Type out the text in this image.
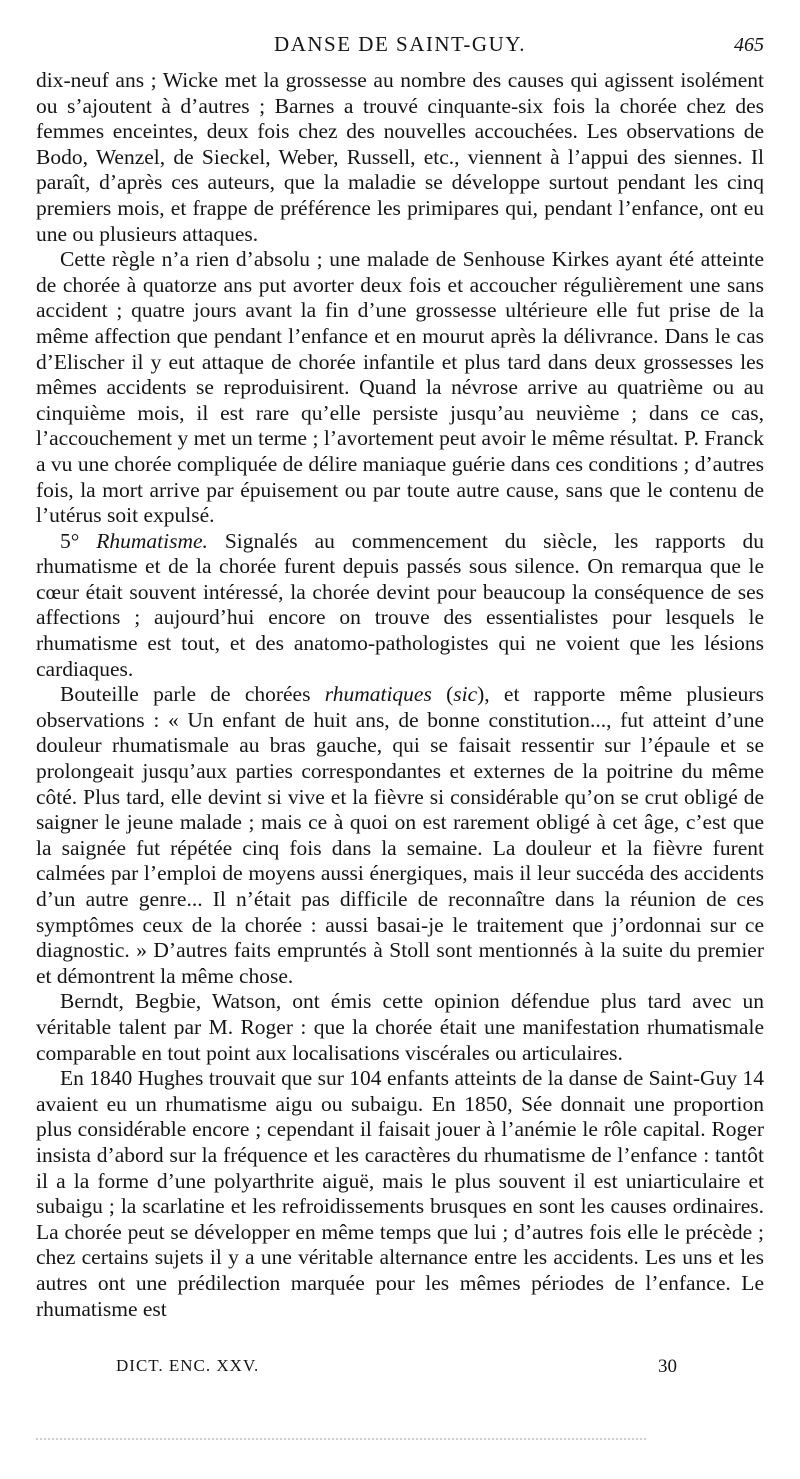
DANSE DE SAINT-GUY.	465

dix-neuf ans ; Wicke met la grossesse au nombre des causes qui agissent isolément ou s’ajoutent à d’autres ; Barnes a trouvé cinquante-six fois la chorée chez des femmes enceintes, deux fois chez des nouvelles accouchées. Les observations de Bodo, Wenzel, de Sieckel, Weber, Russell, etc., viennent à l’appui des siennes. Il paraît, d’après ces auteurs, que la maladie se développe surtout pendant les cinq premiers mois, et frappe de préférence les primipares qui, pendant l’enfance, ont eu une ou plusieurs attaques.

Cette règle n’a rien d’absolu ; une malade de Senhouse Kirkes ayant été atteinte de chorée à quatorze ans put avorter deux fois et accoucher régulièrement une sans accident ; quatre jours avant la fin d’une grossesse ultérieure elle fut prise de la même affection que pendant l’enfance et en mourut après la délivrance. Dans le cas d’Elischer il y eut attaque de chorée infantile et plus tard dans deux grossesses les mêmes accidents se reproduisirent. Quand la névrose arrive au quatrième ou au cinquième mois, il est rare qu’elle persiste jusqu’au neuvième ; dans ce cas, l’accouchement y met un terme ; l’avortement peut avoir le même résultat. P. Franck a vu une chorée compliquée de délire maniaque guérie dans ces conditions ; d’autres fois, la mort arrive par épuisement ou par toute autre cause, sans que le contenu de l’utérus soit expulsé.

5° Rhumatisme. Signalés au commencement du siècle, les rapports du rhumatisme et de la chorée furent depuis passés sous silence. On remarqua que le cœur était souvent intéressé, la chorée devint pour beaucoup la conséquence de ses affections ; aujourd’hui encore on trouve des essentialistes pour lesquels le rhumatisme est tout, et des anatomo-pathologistes qui ne voient que les lésions cardiaques.

Bouteille parle de chorées rhumatiques (sic), et rapporte même plusieurs observations : « Un enfant de huit ans, de bonne constitution..., fut atteint d’une douleur rhumatismale au bras gauche, qui se faisait ressentir sur l’épaule et se prolongeait jusqu’aux parties correspondantes et externes de la poitrine du même côté. Plus tard, elle devint si vive et la fièvre si considérable qu’on se crut obligé de saigner le jeune malade ; mais ce à quoi on est rarement obligé à cet âge, c’est que la saignée fut répétée cinq fois dans la semaine. La douleur et la fièvre furent calmées par l’emploi de moyens aussi énergiques, mais il leur succéda des accidents d’un autre genre... Il n’était pas difficile de reconnaître dans la réunion de ces symptômes ceux de la chorée : aussi basai-je le traitement que j’ordonnai sur ce diagnostic. » D’autres faits empruntés à Stoll sont mentionnés à la suite du premier et démontrent la même chose.

Berndt, Begbie, Watson, ont émis cette opinion défendue plus tard avec un véritable talent par M. Roger : que la chorée était une manifestation rhumatismale comparable en tout point aux localisations viscérales ou articulaires.

En 1840 Hughes trouvait que sur 104 enfants atteints de la danse de Saint-Guy 14 avaient eu un rhumatisme aigu ou subaigu. En 1850, Sée donnait une proportion plus considérable encore ; cependant il faisait jouer à l’anémie le rôle capital. Roger insista d’abord sur la fréquence et les caractères du rhumatisme de l’enfance : tantôt il a la forme d’une polyarthrite aiguë, mais le plus souvent il est uniarticulaire et subaigu ; la scarlatine et les refroidissements brusques en sont les causes ordinaires. La chorée peut se développer en même temps que lui ; d’autres fois elle le précède ; chez certains sujets il y a une véritable alternance entre les accidents. Les uns et les autres ont une prédilection marquée pour les mêmes périodes de l’enfance. Le rhumatisme est

DICT. ENC. XXV.	30
